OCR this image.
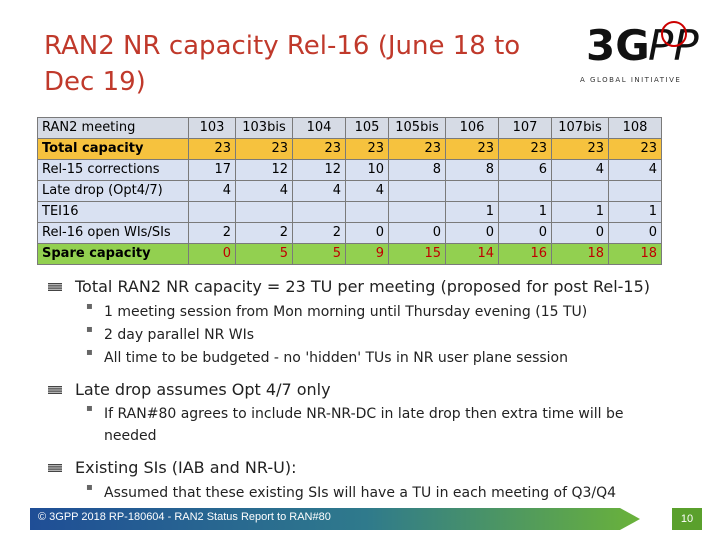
RAN2 NR capacity Rel-16 (June 18 to Dec 19)
3G
PP
A GLOBAL INITIATIVE
RAN2 meeting	103	103bis	104	105	105bis	106	107	107bis	108
Total capacity	23	23	23	23	23	23	23	23	23
Rel-15 corrections	17	12	12	10	8	8	6	4	4
Late drop (Opt4/7)	4	4	4	4					
TEI16						1	1	1	1
Rel-16 open WIs/SIs	2	2	2	0	0	0	0	0	0
Spare capacity	0	5	5	9	15	14	16	18	18
Total RAN2 NR capacity = 23 TU per meeting (proposed for post Rel-15)
▪ 1 meeting session from Mon morning until Thursday evening (15 TU)
▪ 2 day parallel NR WIs
▪ All time to be budgeted - no 'hidden' TUs in NR user plane session
Late drop assumes Opt 4/7 only
▪ If RAN#80 agrees to include NR-NR-DC in late drop then extra time will be needed
Existing SIs (IAB and NR-U):
▪ Assumed that these existing SIs will have a TU in each meeting of Q3/Q4
© 3GPP 2018 RP-180604 - RAN2 Status Report to RAN#80	10
